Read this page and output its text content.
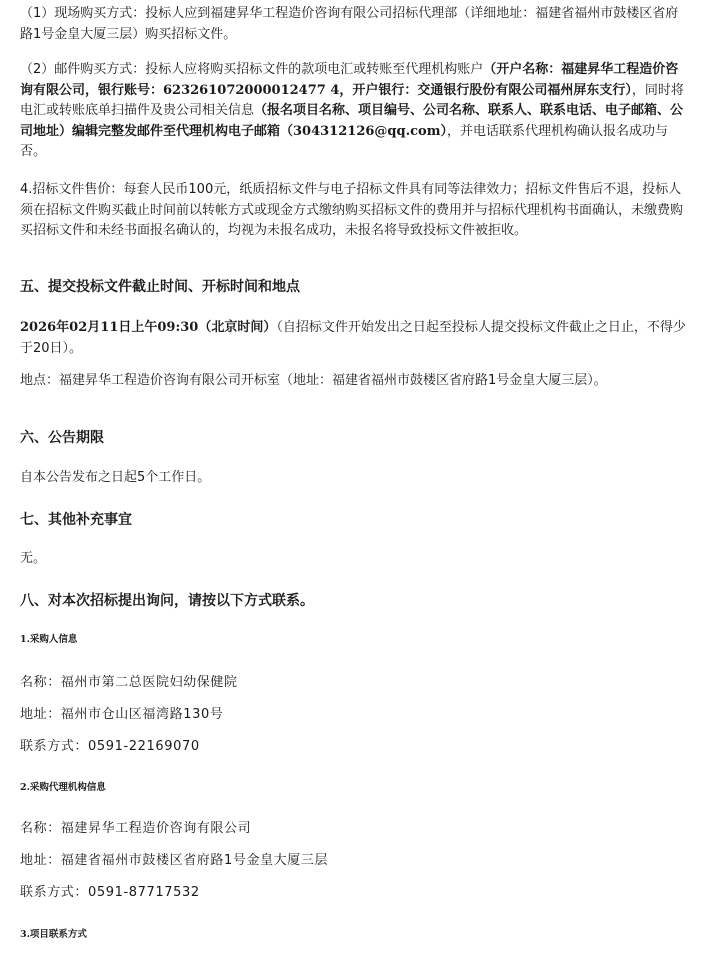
（1）现场购买方式：投标人应到福建昇华工程造价咨询有限公司招标代理部（详细地址：福建省福州市鼓楼区省府路1号金皇大厦三层）购买招标文件。

（2）邮件购买方式：投标人应将购买招标文件的款项电汇或转账至代理机构账户（开户名称：福建昇华工程造价咨询有限公司，银行账号：623261072000012477 4，开户银行：交通银行股份有限公司福州屏东支行），同时将电汇或转账底单扫描件及贵公司相关信息（报名项目名称、项目编号、公司名称、联系人、联系电话、电子邮箱、公司地址）编辑完整发邮件至代理机构电子邮箱（304312126@qq.com），并电话联系代理机构确认报名成功与否。

4.招标文件售价：每套人民币100元，纸质招标文件与电子招标文件具有同等法律效力；招标文件售后不退，投标人须在招标文件购买截止时间前以转帐方式或现金方式缴纳购买招标文件的费用并与招标代理机构书面确认，未缴费购买招标文件和未经书面报名确认的，均视为未报名成功，未报名将导致投标文件被拒收。

五、提交投标文件截止时间、开标时间和地点

2026年02月11日上午09:30（北京时间）（自招标文件开始发出之日起至投标人提交投标文件截止之日止，不得少于20日）。

地点：福建昇华工程造价咨询有限公司开标室（地址：福建省福州市鼓楼区省府路1号金皇大厦三层）。

六、公告期限

自本公告发布之日起5个工作日。

七、其他补充事宜

无。

八、对本次招标提出询问，请按以下方式联系。

1.采购人信息

名称：福州市第二总医院妇幼保健院

地址：福州市仓山区福湾路130号

联系方式：0591-22169070

2.采购代理机构信息

名称：福建昇华工程造价咨询有限公司

地址：福建省福州市鼓楼区省府路1号金皇大厦三层

联系方式：0591-87717532

3.项目联系方式
